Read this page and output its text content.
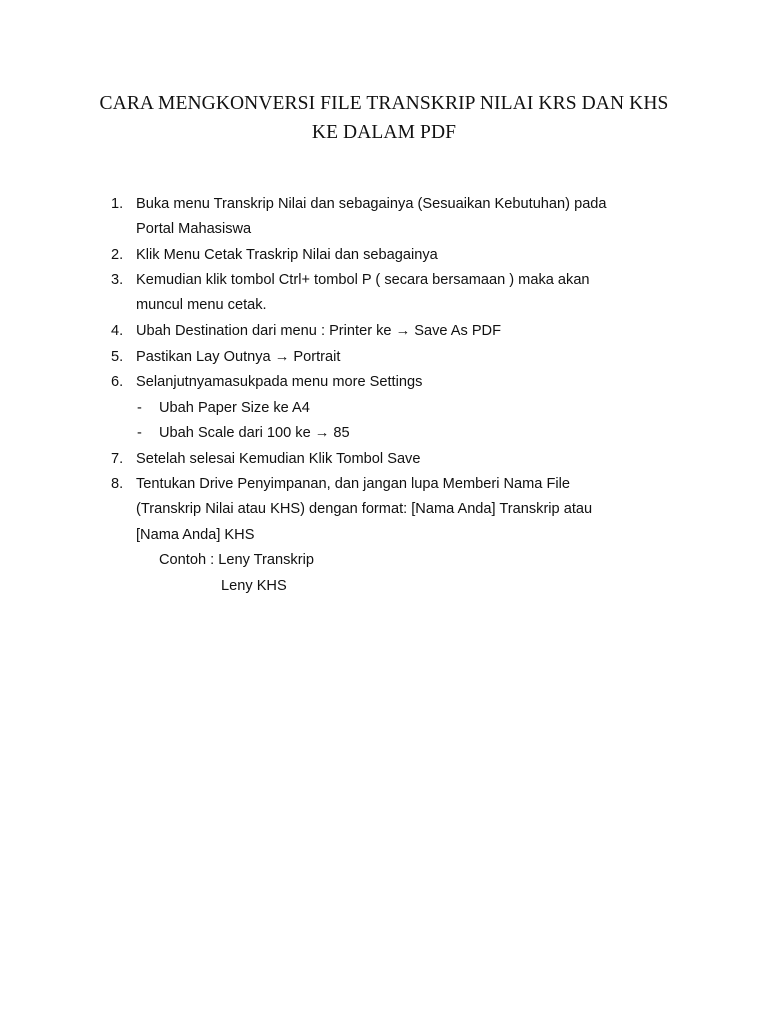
CARA MENGKONVERSI FILE TRANSKRIP NILAI KRS DAN KHS
KE DALAM PDF
1. Buka menu Transkrip Nilai dan sebagainya (Sesuaikan Kebutuhan) pada
Portal Mahasiswa
2. Klik Menu Cetak Traskrip Nilai dan sebagainya
3. Kemudian klik tombol Ctrl+ tombol P ( secara bersamaan ) maka akan
muncul menu cetak.
4. Ubah Destination dari menu : Printer ke → Save As PDF
5. Pastikan Lay Outnya → Portrait
6. Selanjutnyamasukpada menu more Settings
- Ubah Paper Size ke A4
- Ubah Scale dari 100 ke → 85
7. Setelah selesai Kemudian Klik Tombol Save
8. Tentukan Drive Penyimpanan, dan jangan lupa Memberi Nama File
(Transkrip Nilai atau KHS) dengan format: [Nama Anda] Transkrip atau
[Nama Anda] KHS
Contoh : Leny Transkrip
Leny KHS
